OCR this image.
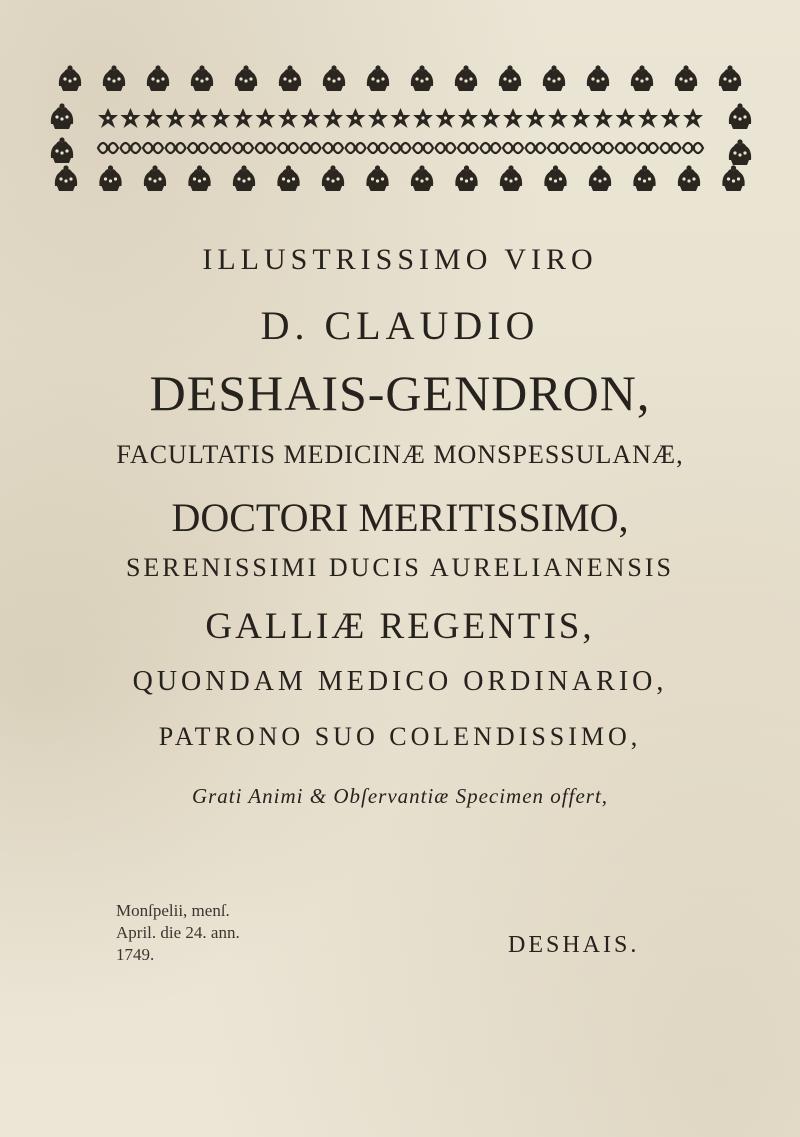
ILLUSTRISSIMO VIRO
D. CLAUDIO
DESHAIS-GENDRON,
FACULTATIS MEDICINÆ MONSPESSULANÆ,
DOCTORI MERITISSIMO,
SERENISSIMI DUCIS AURELIANENSIS
GALLIÆ REGENTIS,
QUONDAM MEDICO ORDINARIO,
PATRONO SUO COLENDISSIMO,
Grati Animi & Obſervantiæ Specimen offert,
Monſpelii, menſ.
April. die 24. ann.
1749.	DESHAIS.
